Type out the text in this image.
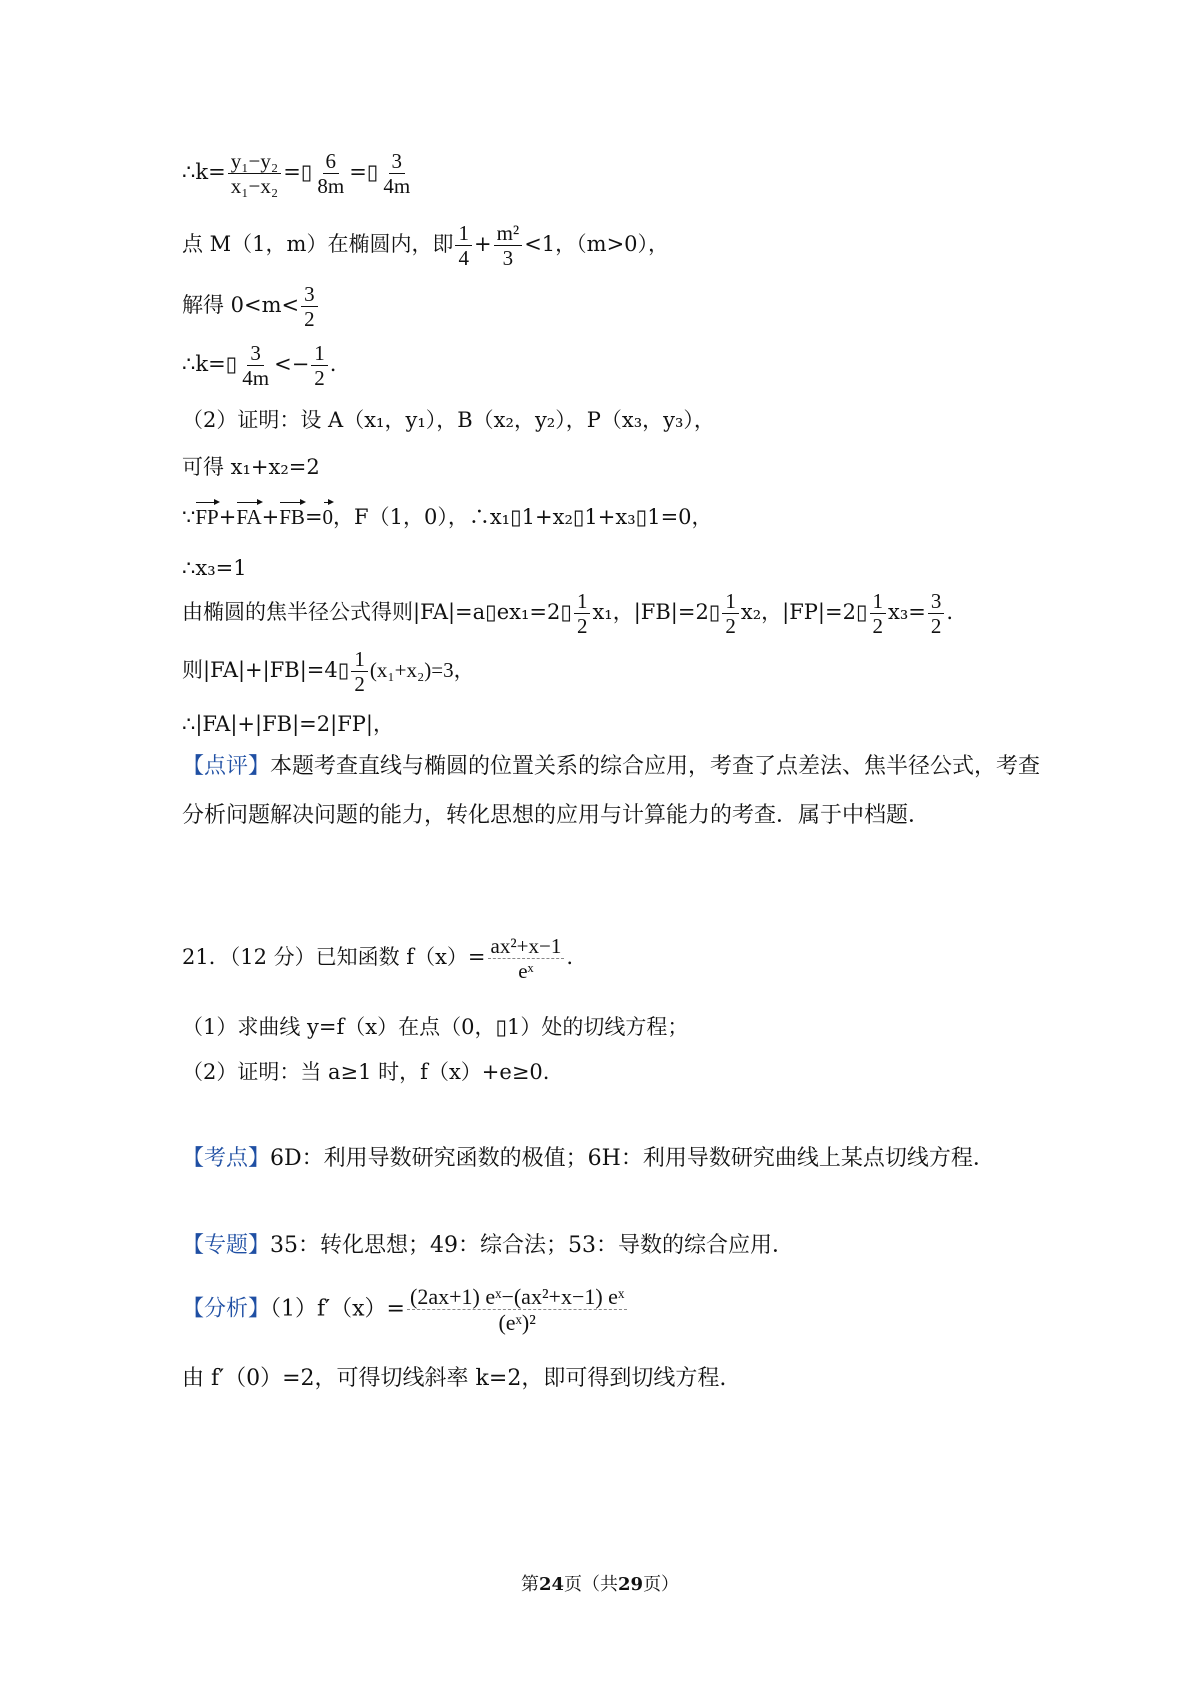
∴k= $\frac{\text{y₁−y₂}}{\text{x₁−x₂}}$ =▯ $\frac{6}{8m}$ =▯ $\frac{3}{4m}$
点 M（1，m）在椭圆内，即 $\frac{1}{4} + \frac{\text{m²}}{3} <1$，（m>0），
解得 $0<m< \frac{3}{2}$
∴k=▯ $\frac{3}{4m} <- \frac{1}{2}$ .
（2）证明：设 A（x₁，y₁），B（x₂，y₂），P（x₃，y₃），
可得 x₁+x₂=2
∵FP+FA+FB=0，F（1，0），∴x₁▯1+x₂▯1+x₃▯1=0，
∴x₃=1
由椭圆的焦半径公式得则|FA|=a▯ex₁=2▯ $\frac{1}{2} x_1$，|FB|=2▯ $\frac{1}{2} x_2$，|FP|=2▯ $\frac{1}{2} x_3= \frac{3}{2}$ .
则|FA|+|FB|=4▯ $\frac{1}{2} (x_1+x_2)=3$，
∴|FA|+|FB|=2|FP|，
【点评】本题考查直线与椭圆的位置关系的综合应用，考查了点差法、焦半径公式，考查分析问题解决问题的能力，转化思想的应用与计算能力的考查．属于中档题．
21．（12 分）已知函数 $f(x)= \frac{\text{ax²+x−1}}{\text{eˣ}}$ .
（1）求曲线 y=f（x）在点（0，▯1）处的切线方程；
（2）证明：当 a≥1 时，f（x）+e≥0.
【考点】6D：利用导数研究函数的极值；6H：利用导数研究曲线上某点切线方程．
【专题】35：转化思想；49：综合法；53：导数的综合应用．
【分析】$(1)f'(x)= \frac{\text{(2ax+1) eˣ−(ax²+x−1) eˣ}}{\text{(eˣ)²}}$
由 f′（0）=2，可得切线斜率 k=2，即可得到切线方程.
第24页（共29页）
